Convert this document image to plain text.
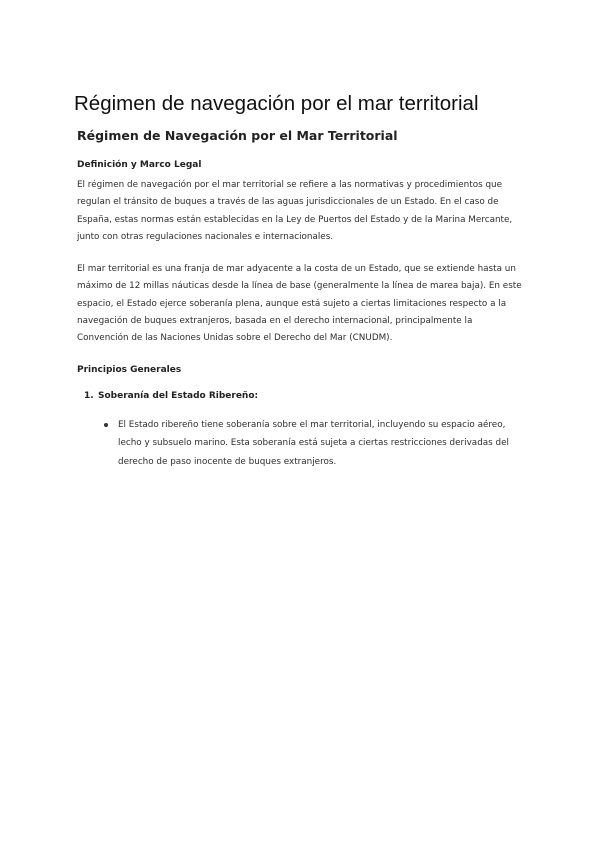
Régimen de navegación por el mar territorial
Régimen de Navegación por el Mar Territorial
Definición y Marco Legal

El régimen de navegación por el mar territorial se refiere a las normativas y procedimientos que regulan el tránsito de buques a través de las aguas jurisdiccionales de un Estado. En el caso de España, estas normas están establecidas en la Ley de Puertos del Estado y de la Marina Mercante, junto con otras regulaciones nacionales e internacionales.

El mar territorial es una franja de mar adyacente a la costa de un Estado, que se extiende hasta un máximo de 12 millas náuticas desde la línea de base (generalmente la línea de marea baja). En este espacio, el Estado ejerce soberanía plena, aunque está sujeto a ciertas limitaciones respecto a la navegación de buques extranjeros, basada en el derecho internacional, principalmente la Convención de las Naciones Unidas sobre el Derecho del Mar (CNUDM).

Principios Generales
1. Soberanía del Estado Ribereño:
El Estado ribereño tiene soberanía sobre el mar territorial, incluyendo su espacio aéreo, lecho y subsuelo marino. Esta soberanía está sujeta a ciertas restricciones derivadas del derecho de paso inocente de buques extranjeros.
